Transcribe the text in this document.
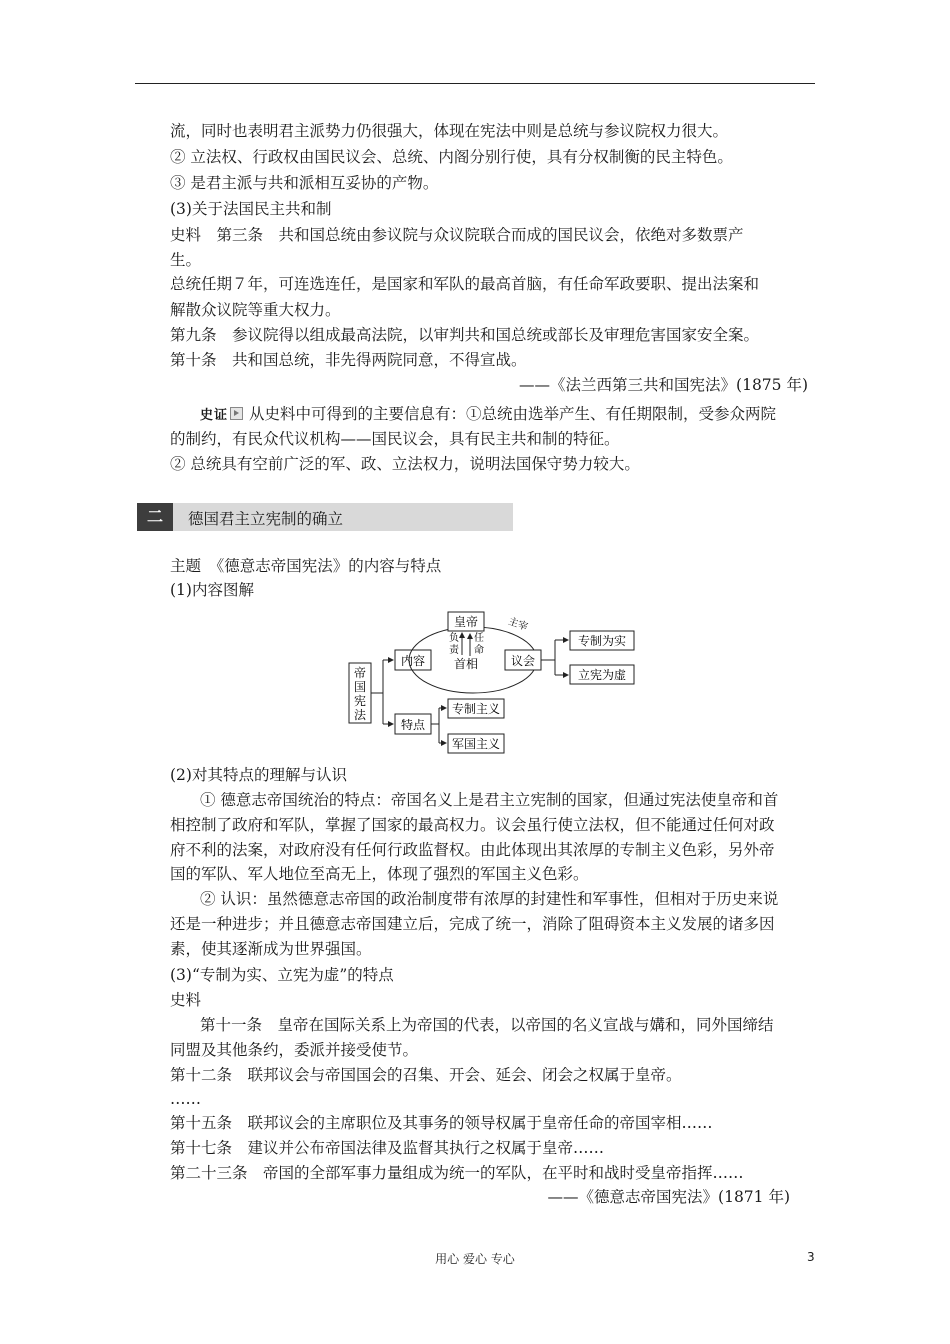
流，同时也表明君主派势力仍很强大，体现在宪法中则是总统与参议院权力很大。
② 立法权、行政权由国民议会、总统、内阁分别行使，具有分权制衡的民主特色。
③ 是君主派与共和派相互妥协的产物。
(3)关于法国民主共和制
史料　第三条　共和国总统由参议院与众议院联合而成的国民议会，依绝对多数票产
生。
总统任期７年，可连选连任，是国家和军队的最高首脑，有任命军政要职、提出法案和
解散众议院等重大权力。
第九条　参议院得以组成最高法院，以审判共和国总统或部长及审理危害国家安全案。
第十条　共和国总统，非先得两院同意，不得宣战。
——《法兰西第三共和国宪法》(1875 年)
史证 从史料中可得到的主要信息有：①总统由选举产生、有任期限制，受参众两院
的制约，有民众代议机构——国民议会，具有民主共和制的特征。
② 总统具有空前广泛的军、政、立法权力，说明法国保守势力较大。
二	德国君主立宪制的确立
主题　《德意志帝国宪法》的内容与特点
(1)内容图解
帝
国
宪
法
内容
特点
皇帝
负
责
任
命
首相
主宰
议会
专制为实
立宪为虚
专制主义
军国主义
(2)对其特点的理解与认识
① 德意志帝国统治的特点：帝国名义上是君主立宪制的国家，但通过宪法使皇帝和首
相控制了政府和军队，掌握了国家的最高权力。议会虽行使立法权，但不能通过任何对政
府不利的法案，对政府没有任何行政监督权。由此体现出其浓厚的专制主义色彩，另外帝
国的军队、军人地位至高无上，体现了强烈的军国主义色彩。
② 认识：虽然德意志帝国的政治制度带有浓厚的封建性和军事性，但相对于历史来说
还是一种进步；并且德意志帝国建立后，完成了统一，消除了阻碍资本主义发展的诸多因
素，使其逐渐成为世界强国。
(3)“专制为实、立宪为虚”的特点
史料
第十一条　皇帝在国际关系上为帝国的代表，以帝国的名义宣战与媾和，同外国缔结
同盟及其他条约，委派并接受使节。
第十二条　联邦议会与帝国国会的召集、开会、延会、闭会之权属于皇帝。
……
第十五条　联邦议会的主席职位及其事务的领导权属于皇帝任命的帝国宰相……
第十七条　建议并公布帝国法律及监督其执行之权属于皇帝……
第二十三条　帝国的全部军事力量组成为统一的军队，在平时和战时受皇帝指挥……
——《德意志帝国宪法》(1871 年)
用心 爱心 专心	3
